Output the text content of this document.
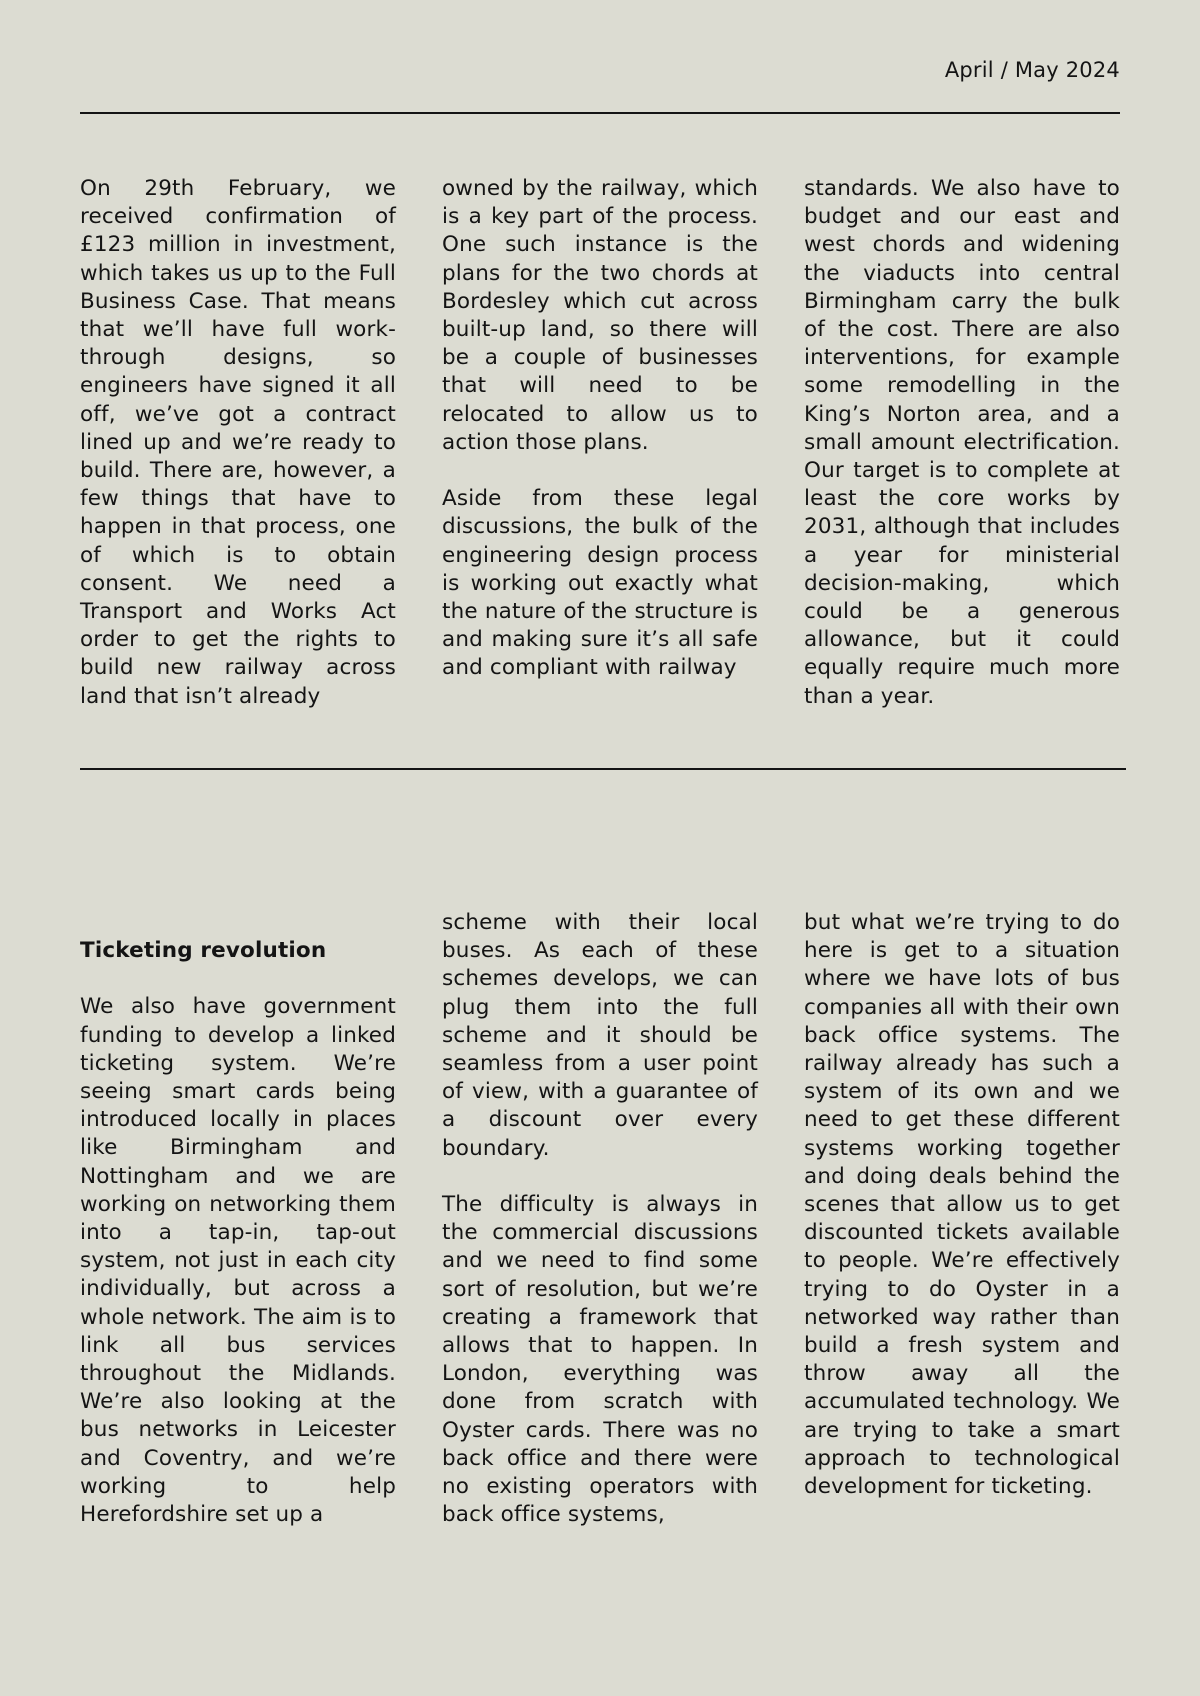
April / May 2024

On 29th February, we received confirmation of £123 million in investment, which takes us up to the Full Business Case. That means that we’ll have full work-through designs, so engineers have signed it all off, we’ve got a contract lined up and we’re ready to build. There are, however, a few things that have to happen in that process, one of which is to obtain consent. We need a Transport and Works Act order to get the rights to build new railway across land that isn’t already

owned by the railway, which is a key part of the process. One such instance is the plans for the two chords at Bordesley which cut across built-up land, so there will be a couple of businesses that will need to be relocated to allow us to action those plans.

Aside from these legal discussions, the bulk of the engineering design process is working out exactly what the nature of the structure is and making sure it’s all safe and compliant with railway

standards. We also have to budget and our east and west chords and widening the viaducts into central Birmingham carry the bulk of the cost. There are also interventions, for example some remodelling in the King’s Norton area, and a small amount electrification. Our target is to complete at least the core works by 2031, although that includes a year for ministerial decision-making, which could be a generous allowance, but it could equally require much more than a year.

Ticketing revolution

We also have government funding to develop a linked ticketing system. We’re seeing smart cards being introduced locally in places like Birmingham and Nottingham and we are working on networking them into a tap-in, tap-out system, not just in each city individually, but across a whole network. The aim is to link all bus services throughout the Midlands. We’re also looking at the bus networks in Leicester and Coventry, and we’re working to help Herefordshire set up a

scheme with their local buses. As each of these schemes develops, we can plug them into the full scheme and it should be seamless from a user point of view, with a guarantee of a discount over every boundary.

The difficulty is always in the commercial discussions and we need to find some sort of resolution, but we’re creating a framework that allows that to happen. In London, everything was done from scratch with Oyster cards. There was no back office and there were no existing operators with back office systems,

but what we’re trying to do here is get to a situation where we have lots of bus companies all with their own back office systems. The railway already has such a system of its own and we need to get these different systems working together and doing deals behind the scenes that allow us to get discounted tickets available to people. We’re effectively trying to do Oyster in a networked way rather than build a fresh system and throw away all the accumulated technology. We are trying to take a smart approach to technological development for ticketing.
